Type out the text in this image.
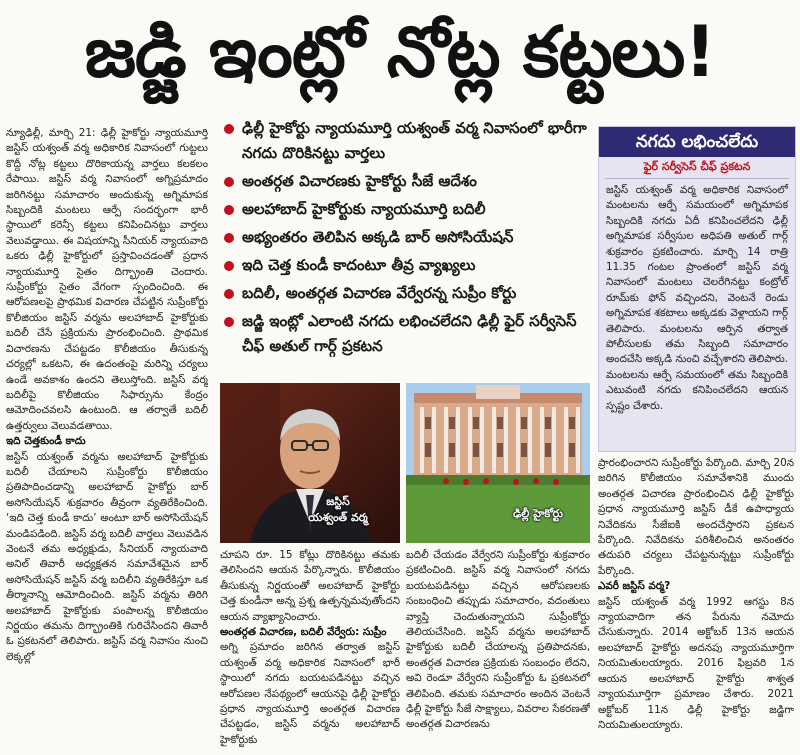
జడ్జి ఇంట్లో నోట్ల కట్టలు!

న్యూఢిల్లీ, మార్చి 21: ఢిల్లీ హైకోర్టు న్యాయమూర్తి జస్టిస్ యశ్వంత్ వర్మ అధికారిక నివాసంలో గుట్టలు కొద్దీ నోట్ల కట్టలు దొరికాయన్న వార్తలు కలకలం రేపాయి. జస్టిస్ వర్మ నివాసంలో అగ్నిప్రమాదం జరిగినట్టు సమాచారం అందుకున్న అగ్నిమాపక సిబ్బందికి మంటలు ఆర్పే సందర్భంగా భారీ స్థాయిలో కరెన్సీ కట్టలు కనిపించినట్టు వార్తలు వెలువడ్డాయి. ఈ విషయాన్ని సీనియర్ న్యాయవాది ఒకరు ఢిల్లీ హైకోర్టులో ప్రస్తావించడంతో ప్రధాన న్యాయమూర్తి సైతం దిగ్భ్రాంతి చెందారు. సుప్రీంకోర్టు సైతం వేగంగా స్పందించింది. ఈ ఆరోపణలపై ప్రాథమిక విచారణ చేపట్టిన సుప్రీంకోర్టు కొలీజియం జస్టిస్ వర్మను అలహాబాద్ హైకోర్టుకు బదిలీ చేసే ప్రక్రియను ప్రారంభించింది. ప్రాథమిక విచారణను చేపట్టడం కొలీజియం తీసుకున్న చర్యల్లో ఒకటని, ఈ ఉదంతంపై మరిన్ని చర్యలు ఉండే అవకాశం ఉందని తెలుస్తోంది. జస్టిస్ వర్మ బదిలీపై కొలీజియం సిఫార్సును కేంద్రం ఆమోదించవలసి ఉంటుంది. ఆ తర్వాతే బదిలీ ఉత్తర్వులు వెలువడతాయి.

ఇది చెత్తకుండీ కాదు

జస్టిస్ యశ్వంత్ వర్మను అలహాబాద్ హైకోర్టుకు బదిలీ చేయాలని సుప్రీంకోర్టు కొలీజియం ప్రతిపాదించడాన్ని అలహాబాద్ హైకోర్టు బార్ అసోసియేషన్ శుక్రవారం తీవ్రంగా వ్యతిరేకించింది. ‘ఇది చెత్త కుండీ కాదు’ అంటూ బార్ అసోసియేషన్ మండిపడింది. జస్టిస్ వర్మ బదిలీ వార్తలు వెలువడిన వెంటనే తమ అధ్యక్షుడు, సీనియర్ న్యాయవాది అనిల్ తివారీ అధ్యక్షతన సమావేశమైన బార్ అసోసియేషన్ జస్టిస్ వర్మ బదిలీని వ్యతిరేకిస్తూ ఒక తీర్మానాన్ని ఆమోదించింది. జస్టిస్ వర్మను తిరిగి అలహాబాద్ హైకోర్టుకు పంపాలన్న కొలీజియం నిర్ణయం తమను దిగ్భ్రాంతికి గురిచేసిందని తివారీ ఓ ప్రకటనలో తెలిపారు. జస్టిస్ వర్మ నివాసం నుంచి లెక్కల్లో

ఢిల్లీ హైకోర్టు న్యాయమూర్తి యశ్వంత్ వర్మ నివాసంలో భారీగా నగదు దొరికినట్టు వార్తలు
అంతర్గత విచారణకు హైకోర్టు సీజే ఆదేశం
అలహాబాద్ హైకోర్టుకు న్యాయమూర్తి బదిలీ
అభ్యంతరం తెలిపిన అక్కడి బార్ అసోసియేషన్
ఇది చెత్త కుండీ కాదంటూ తీవ్ర వ్యాఖ్యలు
బదిలీ, అంతర్గత విచారణ వేర్వేరన్న సుప్రీం కోర్టు
జడ్జి ఇంట్లో ఎలాంటి నగదు లభించలేదని ఢిల్లీ ఫైర్ సర్వీసెస్ చీఫ్ అతుల్ గార్గ్ ప్రకటన
నగదు లభించలేదు
ఫైర్ సర్వీసెస్ చీఫ్ ప్రకటన
జస్టిస్ యశ్వంత్ వర్మ అధికారిక నివాసంలో మంటలను ఆర్పే సమయంలో అగ్నిమాపక సిబ్బందికి నగదు ఏదీ కనిపించలేదని ఢిల్లీ అగ్నిమాపక సర్వీసుల అధిపతి అతుల్ గార్గ్ శుక్రవారం ప్రకటించారు. మార్చి 14 రాత్రి 11.35 గంటల ప్రాంతంలో జస్టిస్ వర్మ నివాసంలో మంటలు చెలరేగినట్టు కంట్రోల్ రూమ్‌కు ఫోన్ వచ్చిందని, వెంటనే రెండు అగ్నిమాపక శకటాలు అక్కడకు వెళ్లాయని గార్గ్ తెలిపారు. మంటలను ఆర్పిన తర్వాత పోలీసులకు తమ సిబ్బంది సమాచారం అందచేసి అక్కడి నుంచి వచ్చేశారని తెలిపారు. మంటలను ఆర్పే సమయంలో తమ సిబ్బందికి ఎటువంటి నగదు కనిపించలేదని ఆయన స్పష్టం చేశారు.
జస్టిస్
యశ్వంత్ వర్మ	ఢిల్లీ హైకోర్టు

చూపని రూ. 15 కోట్లు దొరికినట్టు తమకు తెలిసిందని ఆయన పేర్కొన్నారు. కొలీజియం తీసుకున్న నిర్ణయంతో అలహాబాద్ హైకోర్టు చెత్త కుండీనా అన్న ప్రశ్న ఉత్పన్నమవుతోందని ఆయన వ్యాఖ్యానించారు.

అంతర్గత విచారణ, బదిలీ వేర్వేరు: సుప్రీం

అగ్ని ప్రమాదం జరిగిన తర్వాత జస్టిస్ యశ్వంత్ వర్మ అధికారిక నివాసంలో భారీ స్థాయిలో నగదు బయటపడినట్టు వచ్చిన ఆరోపణల నేపథ్యంలో ఆయనపై ఢిల్లీ హైకోర్టు ప్రధాన న్యాయమూర్తి అంతర్గత విచారణ చేపట్టడం, జస్టిస్ వర్మను అలహాబాద్ హైకోర్టుకు

బదిలీ చేయడం వేర్వేరని సుప్రీంకోర్టు శుక్రవారం ప్రకటించింది. జస్టిస్ వర్మ నివాసంలో నగదు బయటపడినట్టు వచ్చిన ఆరోపణలకు సంబంధించి తప్పుడు సమాచారం, వదంతులు వ్యాప్తి చెందుతున్నాయని సుప్రీంకోర్టు తెలియచేసింది. జస్టిస్ వర్మను అలహాబాద్ హైకోర్టుకు బదిలీ చేయాలన్న ప్రతిపాదనకు, అంతర్గత విచారణ ప్రక్రియకు సంబంధం లేదని, అవి రెండూ వేర్వేరని సుప్రీంకోర్టు ఓ ప్రకటనలో తెలిపింది. తమకు సమాచారం అందిన వెంటనే ఢిల్లీ హైకోర్టు సీజే సాక్ష్యాలు, వివరాల సేకరణతో అంతర్గత విచారణను

ప్రారంభించారని సుప్రీంకోర్టు పేర్కొంది. మార్చి 20న జరిగిన కొలీజియం సమావేశానికి ముందు అంతర్గత విచారణ ప్రారంభించిన ఢిల్లీ హైకోర్టు ప్రధాన న్యాయమూర్తి జస్టిస్ డీకే ఉపాధ్యాయ నివేదికను సీజేఐకి అందచేస్తారని ప్రకటన పేర్కొంది. నివేదికను పరిశీలించిన అనంతరం తదుపరి చర్యలు చేపట్టనున్నట్టు సుప్రీంకోర్టు పేర్కొంది.

ఎవరీ జస్టిస్ వర్మ?

జస్టిస్ యశ్వంత్ వర్మ 1992 ఆగస్టు 8న న్యాయవాదిగా తన పేరును నమోదు చేసుకున్నారు. 2014 అక్టోబర్ 13న ఆయన అలహాబాద్ హైకోర్టు అదనపు న్యాయమూర్తిగా నియమితులయ్యారు. 2016 ఫిబ్రవరి 1న ఆయన అలహాబాద్ హైకోర్టు శాశ్వత న్యాయమూర్తిగా ప్రమాణం చేశారు. 2021 అక్టోబర్ 11న ఢిల్లీ హైకోర్టు జడ్జిగా నియమితులయ్యారు.
